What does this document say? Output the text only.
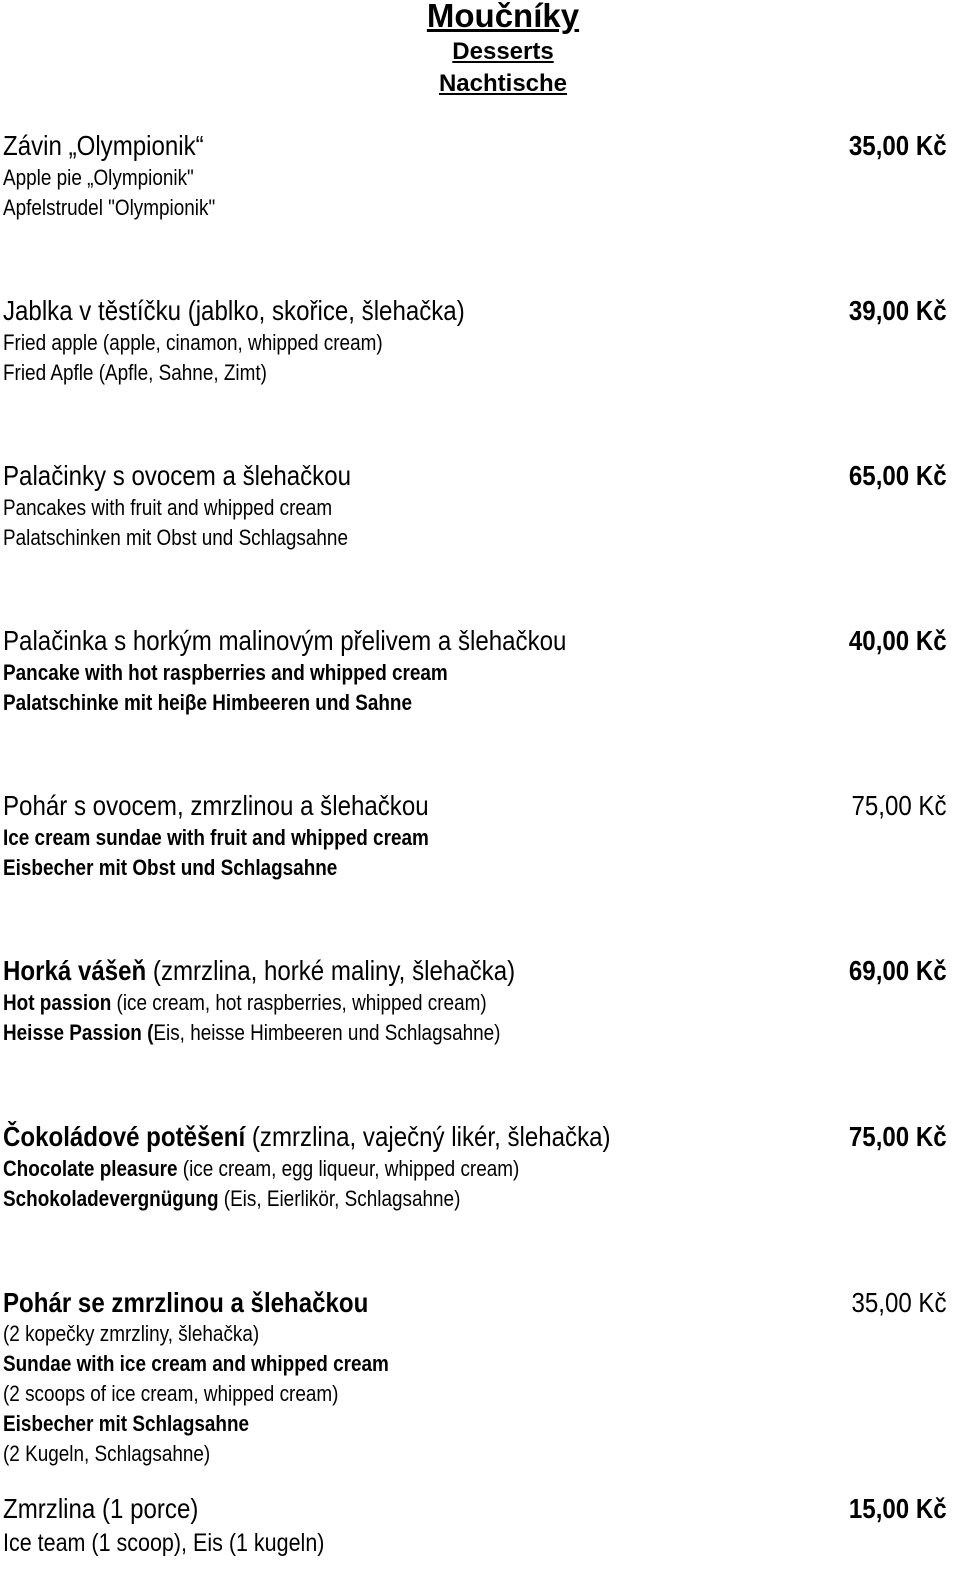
Moučníky
Desserts
Nachtische
Závin „Olympionik“
Apple pie „Olympionik"
Apfelstrudel "Olympionik"
35,00 Kč
Jablka v těstíčku (jablko, skořice, šlehačka)
Fried apple (apple, cinamon, whipped cream)
Fried Apfle (Apfle, Sahne, Zimt)
39,00 Kč
Palačinky s ovocem a šlehačkou
Pancakes with fruit and whipped cream
Palatschinken mit Obst und Schlagsahne
65,00 Kč
Palačinka s horkým malinovým přelivem a šlehačkou
Pancake with hot raspberries and whipped cream
Palatschinke mit heiβe Himbeeren und Sahne
40,00 Kč
Pohár s ovocem, zmrzlinou a šlehačkou
Ice cream sundae with fruit and whipped cream
Eisbecher mit Obst und Schlagsahne
75,00 Kč
Horká vášeň (zmrzlina, horké maliny, šlehačka)
Hot passion (ice cream, hot raspberries, whipped cream)
Heisse Passion (Eis, heisse Himbeeren und Schlagsahne)
69,00 Kč
Čokoládové potěšení (zmrzlina, vaječný likér, šlehačka)
Chocolate pleasure (ice cream, egg liqueur, whipped cream)
Schokoladevergnügung (Eis, Eierlikör, Schlagsahne)
75,00 Kč
Pohár se zmrzlinou a šlehačkou
(2 kopečky zmrzliny, šlehačka)
Sundae with ice cream and whipped cream
(2 scoops of ice cream, whipped cream)
Eisbecher mit Schlagsahne
(2 Kugeln, Schlagsahne)
35,00 Kč
Zmrzlina (1 porce)
Ice team (1 scoop), Eis (1 kugeln)
15,00 Kč
